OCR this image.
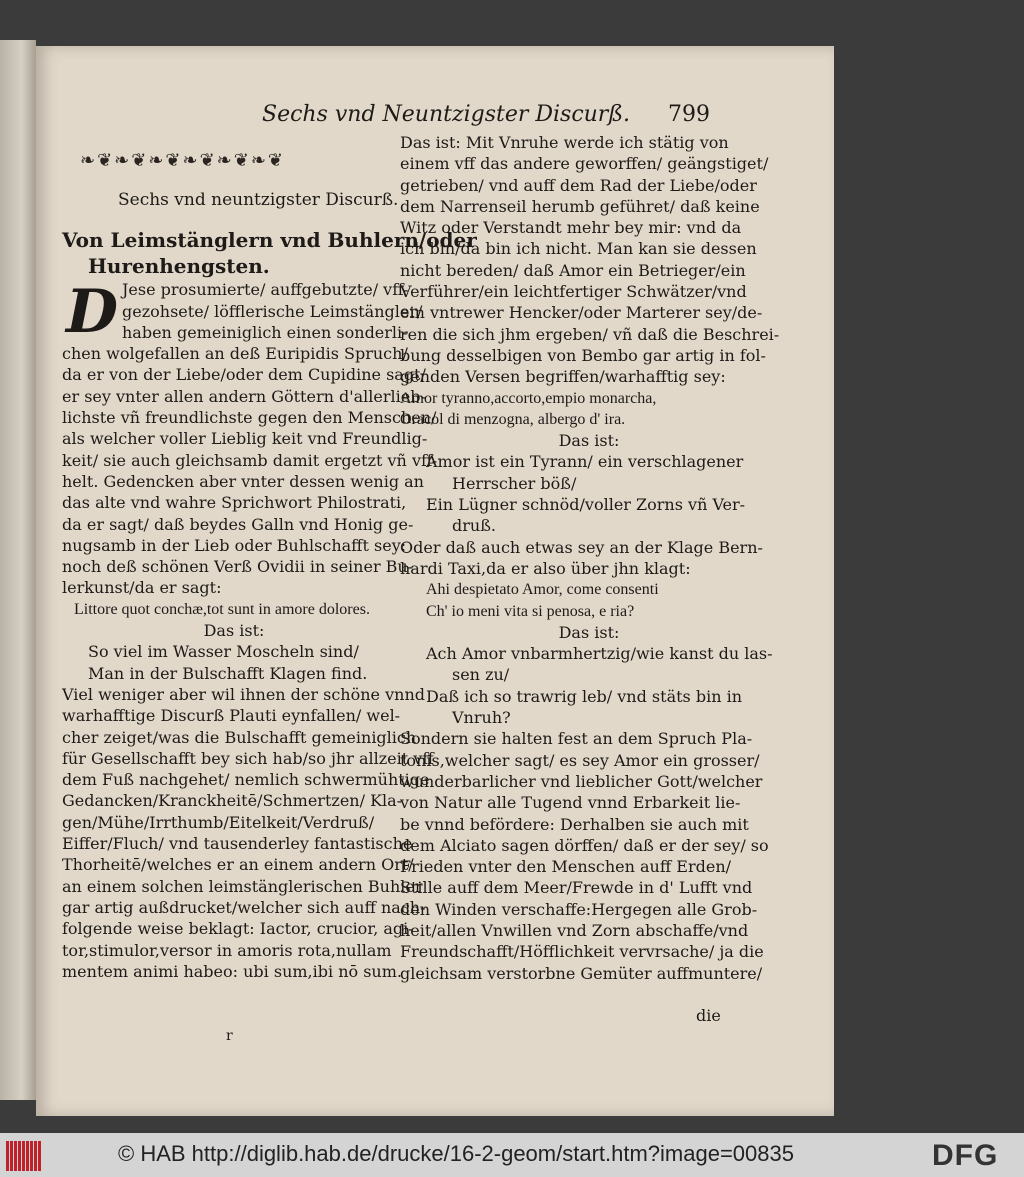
Sechs vnd Neuntzigster Discurß. 799
❧❦❧❦❧❦❧❦❧❦❧❦
Sechs vnd neuntzigster Discurß.
Von Leimstänglern vnd Buhlern/oder
Hurenhengsten.
D Jese prosumierte/ auffgebutzte/ vff-
gezohsete/ löfflerische Leimstängler/
haben gemeiniglich einen sonderli-
chen wolgefallen an deß Euripidis Spruch/
da er von der Liebe/oder dem Cupidine sagt/
er sey vnter allen andern Göttern d'allerlieb-
lichste vñ freundlichste gegen den Menschen/
als welcher voller Lieblig keit vnd Freundlig-
keit/ sie auch gleichsamb damit ergetzt vñ vff-
helt. Gedencken aber vnter dessen wenig an
das alte vnd wahre Sprichwort Philostrati,
da er sagt/ daß beydes Galln vnd Honig ge-
nugsamb in der Lieb oder Buhlschafft sey:
noch deß schönen Verß Ovidii in seiner Bu-
lerkunst/da er sagt:
Littore quot conchæ,tot sunt in amore dolores.
Das ist:
So viel im Wasser Moscheln sind/
Man in der Bulschafft Klagen find.
Viel weniger aber wil ihnen der schöne vnnd
warhafftige Discurß Plauti eynfallen/ wel-
cher zeiget/was die Bulschafft gemeiniglich
für Gesellschafft bey sich hab/so jhr allzeit vff
dem Fuß nachgehet/ nemlich schwermühtige
Gedancken/Kranckheitē/Schmertzen/ Kla-
gen/Mühe/Irrthumb/Eitelkeit/Verdruß/
Eiffer/Fluch/ vnd tausenderley fantastische
Thorheitē/welches er an einem andern Ort/
an einem solchen leimstänglerischen Buhler
gar artig außdrucket/welcher sich auff nach-
folgende weise beklagt: Iactor, crucior, agi-
tor,stimulor,versor in amoris rota,nullam
mentem animi habeo: ubi sum,ibi nō sum.
Das ist: Mit Vnruhe werde ich stätig von
einem vff das andere geworffen/ geängstiget/
getrieben/ vnd auff dem Rad der Liebe/oder
dem Narrenseil herumb geführet/ daß keine
Witz oder Verstandt mehr bey mir: vnd da
ich bin/da bin ich nicht. Man kan sie dessen
nicht bereden/ daß Amor ein Betrieger/ein
Verführer/ein leichtfertiger Schwätzer/vnd
ein vntrewer Hencker/oder Marterer sey/de-
ren die sich jhm ergeben/ vñ daß die Beschrei-
bung desselbigen von Bembo gar artig in fol-
genden Versen begriffen/warhafftig sey:
Amor tyranno,accorto,empio monarcha,
Oracol di menzogna, albergo d' ira.
Das ist:
Amor ist ein Tyrann/ ein verschlagener
Herrscher böß/
Ein Lügner schnöd/voller Zorns vñ Ver-
druß.
Oder daß auch etwas sey an der Klage Bern-
hardi Taxi,da er also über jhn klagt:
Ahi despietato Amor, come consenti
Ch' io meni vita si penosa, e ria?
Das ist:
Ach Amor vnbarmhertzig/wie kanst du las-
sen zu/
Daß ich so trawrig leb/ vnd stäts bin in
Vnruh?
Sondern sie halten fest an dem Spruch Pla-
tonis,welcher sagt/ es sey Amor ein grosser/
wunderbarlicher vnd lieblicher Gott/welcher
von Natur alle Tugend vnnd Erbarkeit lie-
be vnnd befördere: Derhalben sie auch mit
dem Alciato sagen dörffen/ daß er der sey/ so
Frieden vnter den Menschen auff Erden/
Stille auff dem Meer/Frewde in d' Lufft vnd
den Winden verschaffe:Hergegen alle Grob-
heit/allen Vnwillen vnd Zorn abschaffe/vnd
Freundschafft/Höfflichkeit vervrsache/ ja die
gleichsam verstorbne Gemüter auffmuntere/
die
r
© HAB http://diglib.hab.de/drucke/16-2-geom/start.htm?image=00835	DFG
